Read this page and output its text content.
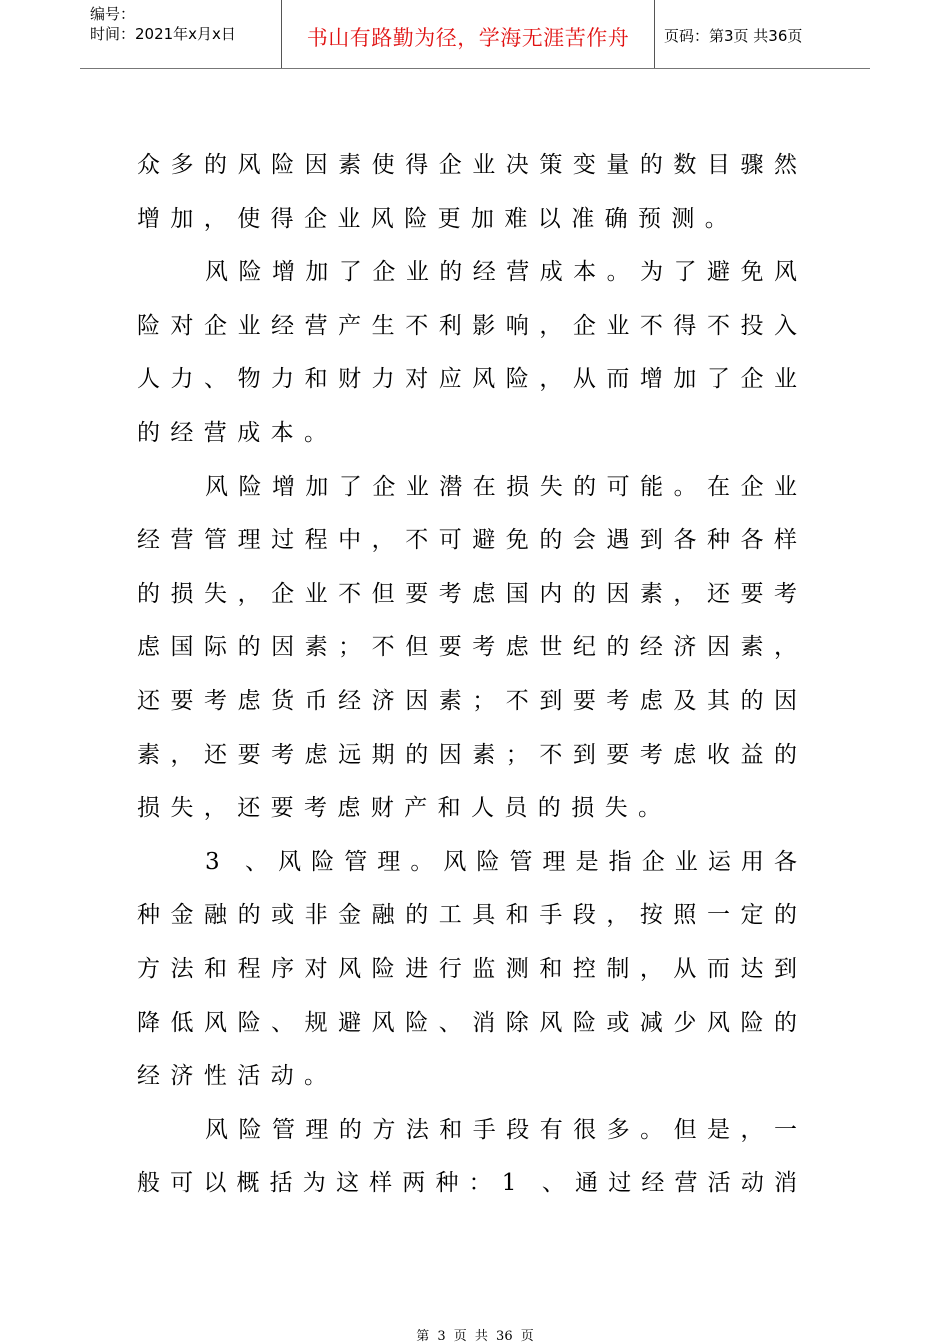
编号：
时间：2021年x月x日	书山有路勤为径，学海无涯苦作舟	页码：第3页 共36页
众多的风险因素使得企业决策变量的数目骤然
增加，使得企业风险更加难以准确预测。
风险增加了企业的经营成本。为了避免风
险对企业经营产生不利影响，企业不得不投入
人力、物力和财力对应风险，从而增加了企业
的经营成本。
风险增加了企业潜在损失的可能。在企业
经营管理过程中，不可避免的会遇到各种各样
的损失，企业不但要考虑国内的因素，还要考
虑国际的因素；不但要考虑世纪的经济因素，
还要考虑货币经济因素；不到要考虑及其的因
素，还要考虑远期的因素；不到要考虑收益的
损失，还要考虑财产和人员的损失。
3 、风险管理。风险管理是指企业运用各
种金融的或非金融的工具和手段，按照一定的
方法和程序对风险进行监测和控制，从而达到
降低风险、规避风险、消除风险或减少风险的
经济性活动。
风险管理的方法和手段有很多。但是，一
般可以概括为这样两种：1 、通过经营活动消
第 3 页 共 36 页
